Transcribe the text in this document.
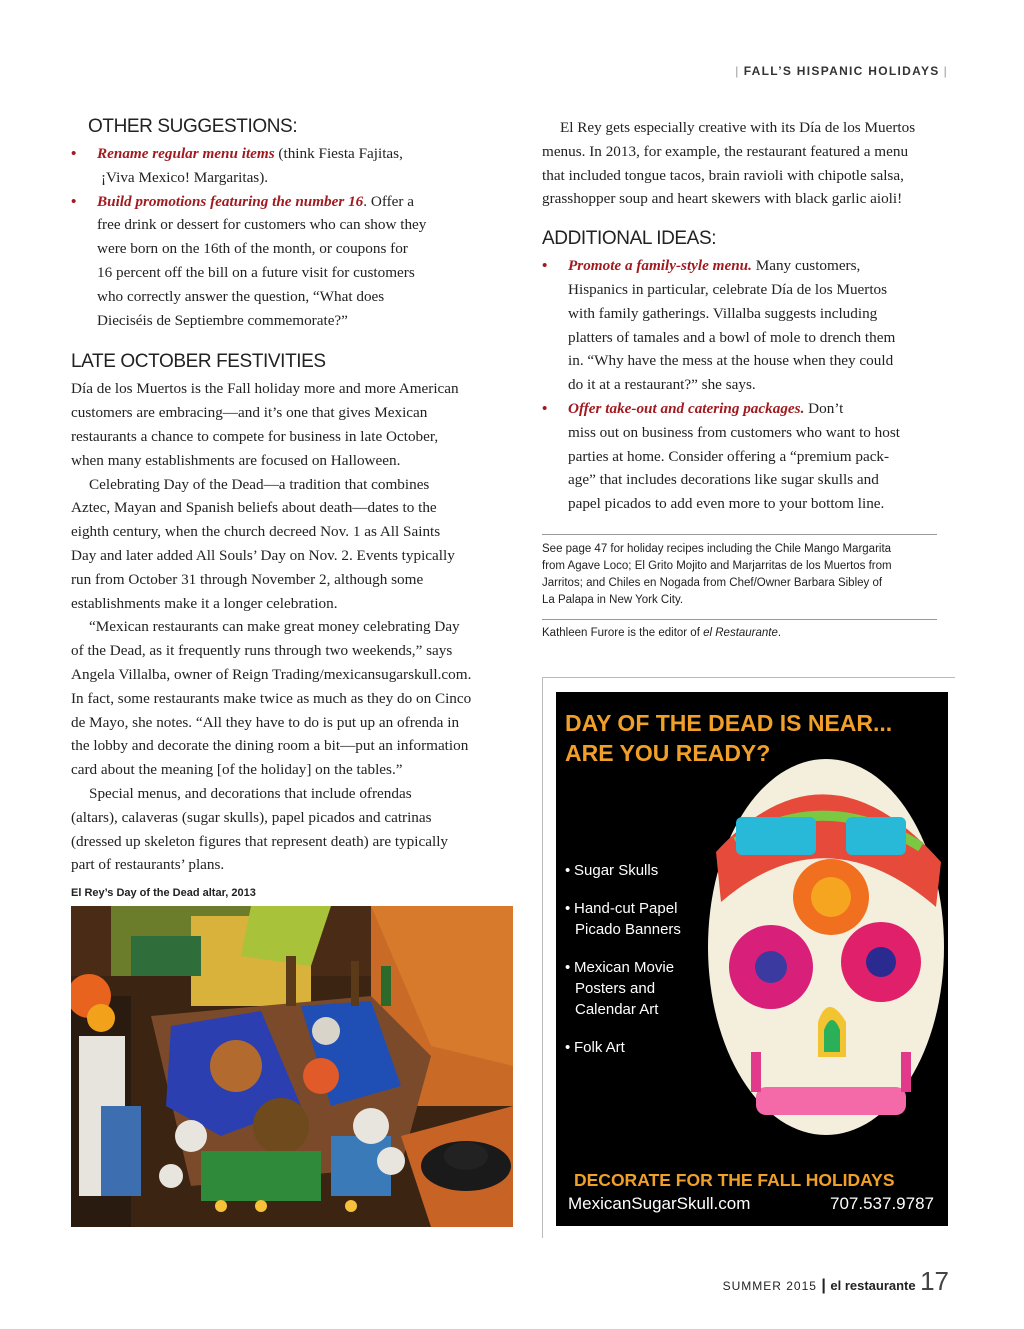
| FALL’S HISPANIC HOLIDAYS |
OTHER SUGGESTIONS:
• Rename regular menu items (think Fiesta Fajitas,
¡Viva Mexico! Margaritas).
• Build promotions featuring the number 16. Offer a
free drink or dessert for customers who can show they
were born on the 16th of the month, or coupons for
16 percent off the bill on a future visit for customers
who correctly answer the question, “What does
Dieciséis de Septiembre commemorate?”
LATE OCTOBER FESTIVITIES
Día de los Muertos is the Fall holiday more and more American
customers are embracing—and it’s one that gives Mexican
restaurants a chance to compete for business in late October,
when many establishments are focused on Halloween.
Celebrating Day of the Dead—a tradition that combines
Aztec, Mayan and Spanish beliefs about death—dates to the
eighth century, when the church decreed Nov. 1 as All Saints
Day and later added All Souls’ Day on Nov. 2. Events typically
run from October 31 through November 2, although some
establishments make it a longer celebration.
“Mexican restaurants can make great money celebrating Day
of the Dead, as it frequently runs through two weekends,” says
Angela Villalba, owner of Reign Trading/mexicansugarskull.com.
In fact, some restaurants make twice as much as they do on Cinco
de Mayo, she notes. “All they have to do is put up an ofrenda in
the lobby and decorate the dining room a bit—put an information
card about the meaning [of the holiday] on the tables.”
Special menus, and decorations that include ofrendas
(altars), calaveras (sugar skulls), papel picados and catrinas
(dressed up skeleton figures that represent death) are typically
part of restaurants’ plans.
El Rey’s Day of the Dead altar, 2013
El Rey gets especially creative with its Día de los Muertos
menus. In 2013, for example, the restaurant featured a menu
that included tongue tacos, brain ravioli with chipotle salsa,
grasshopper soup and heart skewers with black garlic aioli!
ADDITIONAL IDEAS:
• Promote a family-style menu. Many customers,
Hispanics in particular, celebrate Día de los Muertos
with family gatherings. Villalba suggests including
platters of tamales and a bowl of mole to drench them
in. “Why have the mess at the house when they could
do it at a restaurant?” she says.
• Offer take-out and catering packages. Don’t
miss out on business from customers who want to host
parties at home. Consider offering a “premium pack-
age” that includes decorations like sugar skulls and
papel picados to add even more to your bottom line.
See page 47 for holiday recipes including the Chile Mango Margarita
from Agave Loco; El Grito Mojito and Marjarritas de los Muertos from
Jarritos; and Chiles en Nogada from Chef/Owner Barbara Sibley of
La Palapa in New York City.
Kathleen Furore is the editor of el Restaurante.
DAY OF THE DEAD IS NEAR...
ARE YOU READY?
• Sugar Skulls
• Hand-cut Papel
Picado Banners
• Mexican Movie
Posters and
Calendar Art
• Folk Art
DECORATE FOR THE FALL HOLIDAYS
MexicanSugarSkull.com	707.537.9787
SUMMER 2015 | el restaurante 17
